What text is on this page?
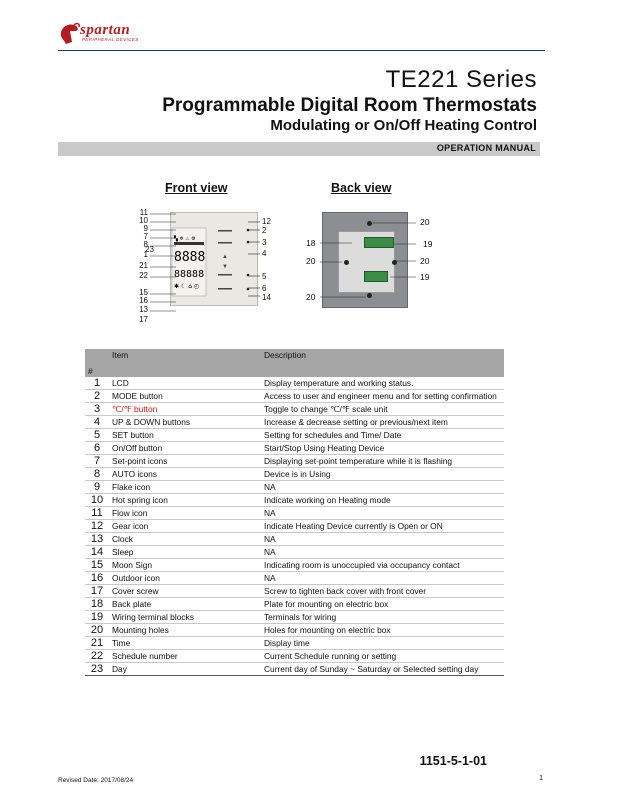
spartan
PERIPHERAL DEVICES
TE221 Series
Programmable Digital Room Thermostats
Modulating or On/Off Heating Control
OPERATION MANUAL
Front view	Back view
▚ ✲ ♨ ⚙
8888
88888
✱ ☾ ⌂ ◴
▲
▼
11
10
9
7
8
23
1
21
22
15
16
13
17
12
2
3
4
5
6
14
20
18	19
20	20
19
20
#	Item	Description
1	LCD	Display temperature and working status.
2	MODE button	Access to user and engineer menu and for setting confirmation
3	℃/℉ button	Toggle to change ℃/℉ scale unit
4	UP & DOWN buttons	Increase & decrease setting or previous/next item
5	SET button	Setting for schedules and Time/ Date
6	On/Off button	Start/Stop Using Heating Device
7	Set-point icons	Displaying set-point temperature while it is flashing
8	AUTO icons	Device is in Using
9	Flake icon	NA
10	Hot spring icon	Indicate working on Heating mode
11	Flow icon	NA
12	Gear icon	Indicate Heating Device currently is Open or ON
13	Clock	NA
14	Sleep	NA
15	Moon Sign	Indicating room is unoccupied via occupancy contact
16	Outdoor icon	NA
17	Cover screw	Screw to tighten back cover with front cover
18	Back plate	Plate for mounting on electric box
19	Wiring terminal blocks	Terminals for wiring
20	Mounting holes	Holes for mounting on electric box
21	Time	Display time
22	Schedule number	Current Schedule running or setting
23	Day	Current day of Sunday ~ Saturday or Selected setting day
1151-5-1-01
Revised Date: 2017/08/24	1
